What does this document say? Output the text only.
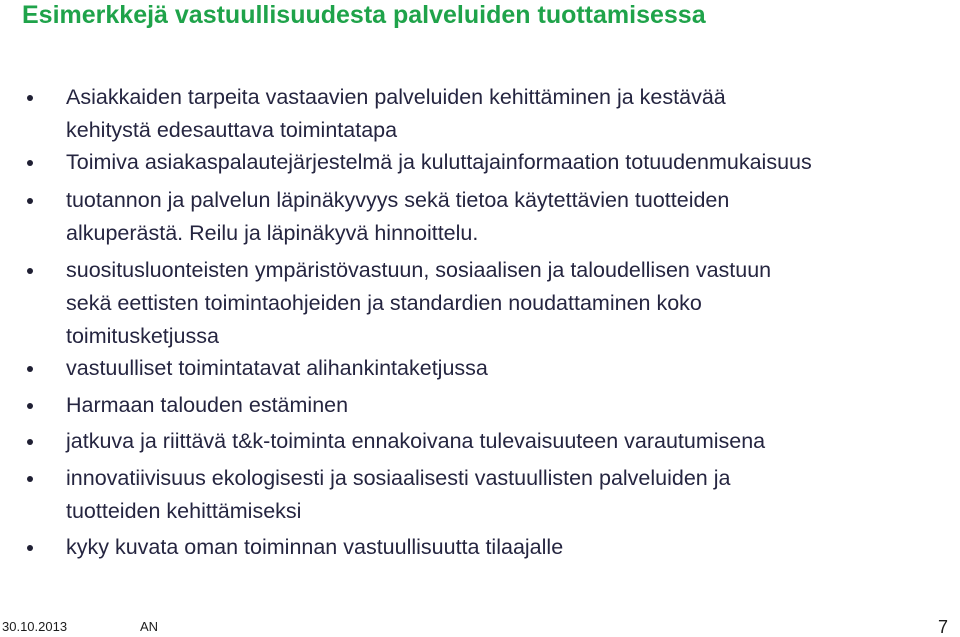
Esimerkkejä vastuullisuudesta palveluiden tuottamisessa
Asiakkaiden tarpeita vastaavien palveluiden kehittäminen ja kestävää
kehitystä edesauttava toimintatapa
Toimiva asiakaspalautejärjestelmä ja kuluttajainformaation totuudenmukaisuus
tuotannon ja palvelun läpinäkyvyys sekä tietoa käytettävien tuotteiden
alkuperästä. Reilu ja läpinäkyvä hinnoittelu.
suositusluonteisten ympäristövastuun, sosiaalisen ja taloudellisen vastuun
sekä eettisten toimintaohjeiden ja standardien noudattaminen koko
toimitusketjussa
vastuulliset toimintatavat alihankintaketjussa
Harmaan talouden estäminen
jatkuva ja riittävä t&k-toiminta ennakoivana tulevaisuuteen varautumisena
innovatiivisuus ekologisesti ja sosiaalisesti vastuullisten palveluiden ja
tuotteiden kehittämiseksi
kyky kuvata oman toiminnan vastuullisuutta tilaajalle
30.10.2013	AN	7
